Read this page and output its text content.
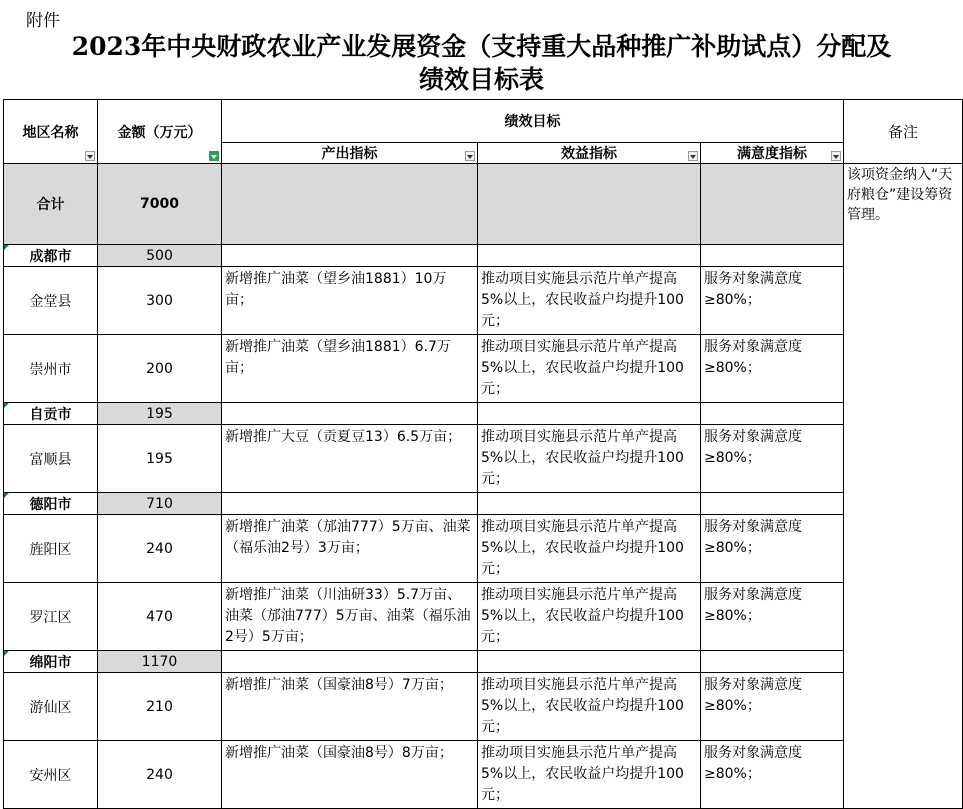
附件
2023年中央财政农业产业发展资金（支持重大品种推广补助试点）分配及
绩效目标表
地区名称	金额（万元）	绩效目标			备注

		产出指标	效益指标	满意度指标	

合计	7000				该项资金纳入“天府粮仓”建设筹资管理。
成都市	500				
金堂县	300	新增推广油菜（望乡油1881）10万亩；	推动项目实施县示范片单产提高5%以上，农民收益户均提升100元；	服务对象满意度≥80%；	
崇州市	200	新增推广油菜（望乡油1881）6.7万亩；	推动项目实施县示范片单产提高5%以上，农民收益户均提升100元；	服务对象满意度≥80%；	
自贡市	195				
富顺县	195	新增推广大豆（贡夏豆13）6.5万亩；	推动项目实施县示范片单产提高5%以上，农民收益户均提升100元；	服务对象满意度≥80%；	
德阳市	710				
旌阳区	240	新增推广油菜（邡油777）5万亩、油菜（福乐油2号）3万亩；	推动项目实施县示范片单产提高5%以上，农民收益户均提升100元；	服务对象满意度≥80%；	
罗江区	470	新增推广油菜（川油研33）5.7万亩、油菜（邡油777）5万亩、油菜（福乐油2号）5万亩；	推动项目实施县示范片单产提高5%以上，农民收益户均提升100元；	服务对象满意度≥80%；	
绵阳市	1170				
游仙区	210	新增推广油菜（国豪油8号）7万亩；	推动项目实施县示范片单产提高5%以上，农民收益户均提升100元；	服务对象满意度≥80%；	
安州区	240	新增推广油菜（国豪油8号）8万亩；	推动项目实施县示范片单产提高5%以上，农民收益户均提升100元；	服务对象满意度≥80%；	
